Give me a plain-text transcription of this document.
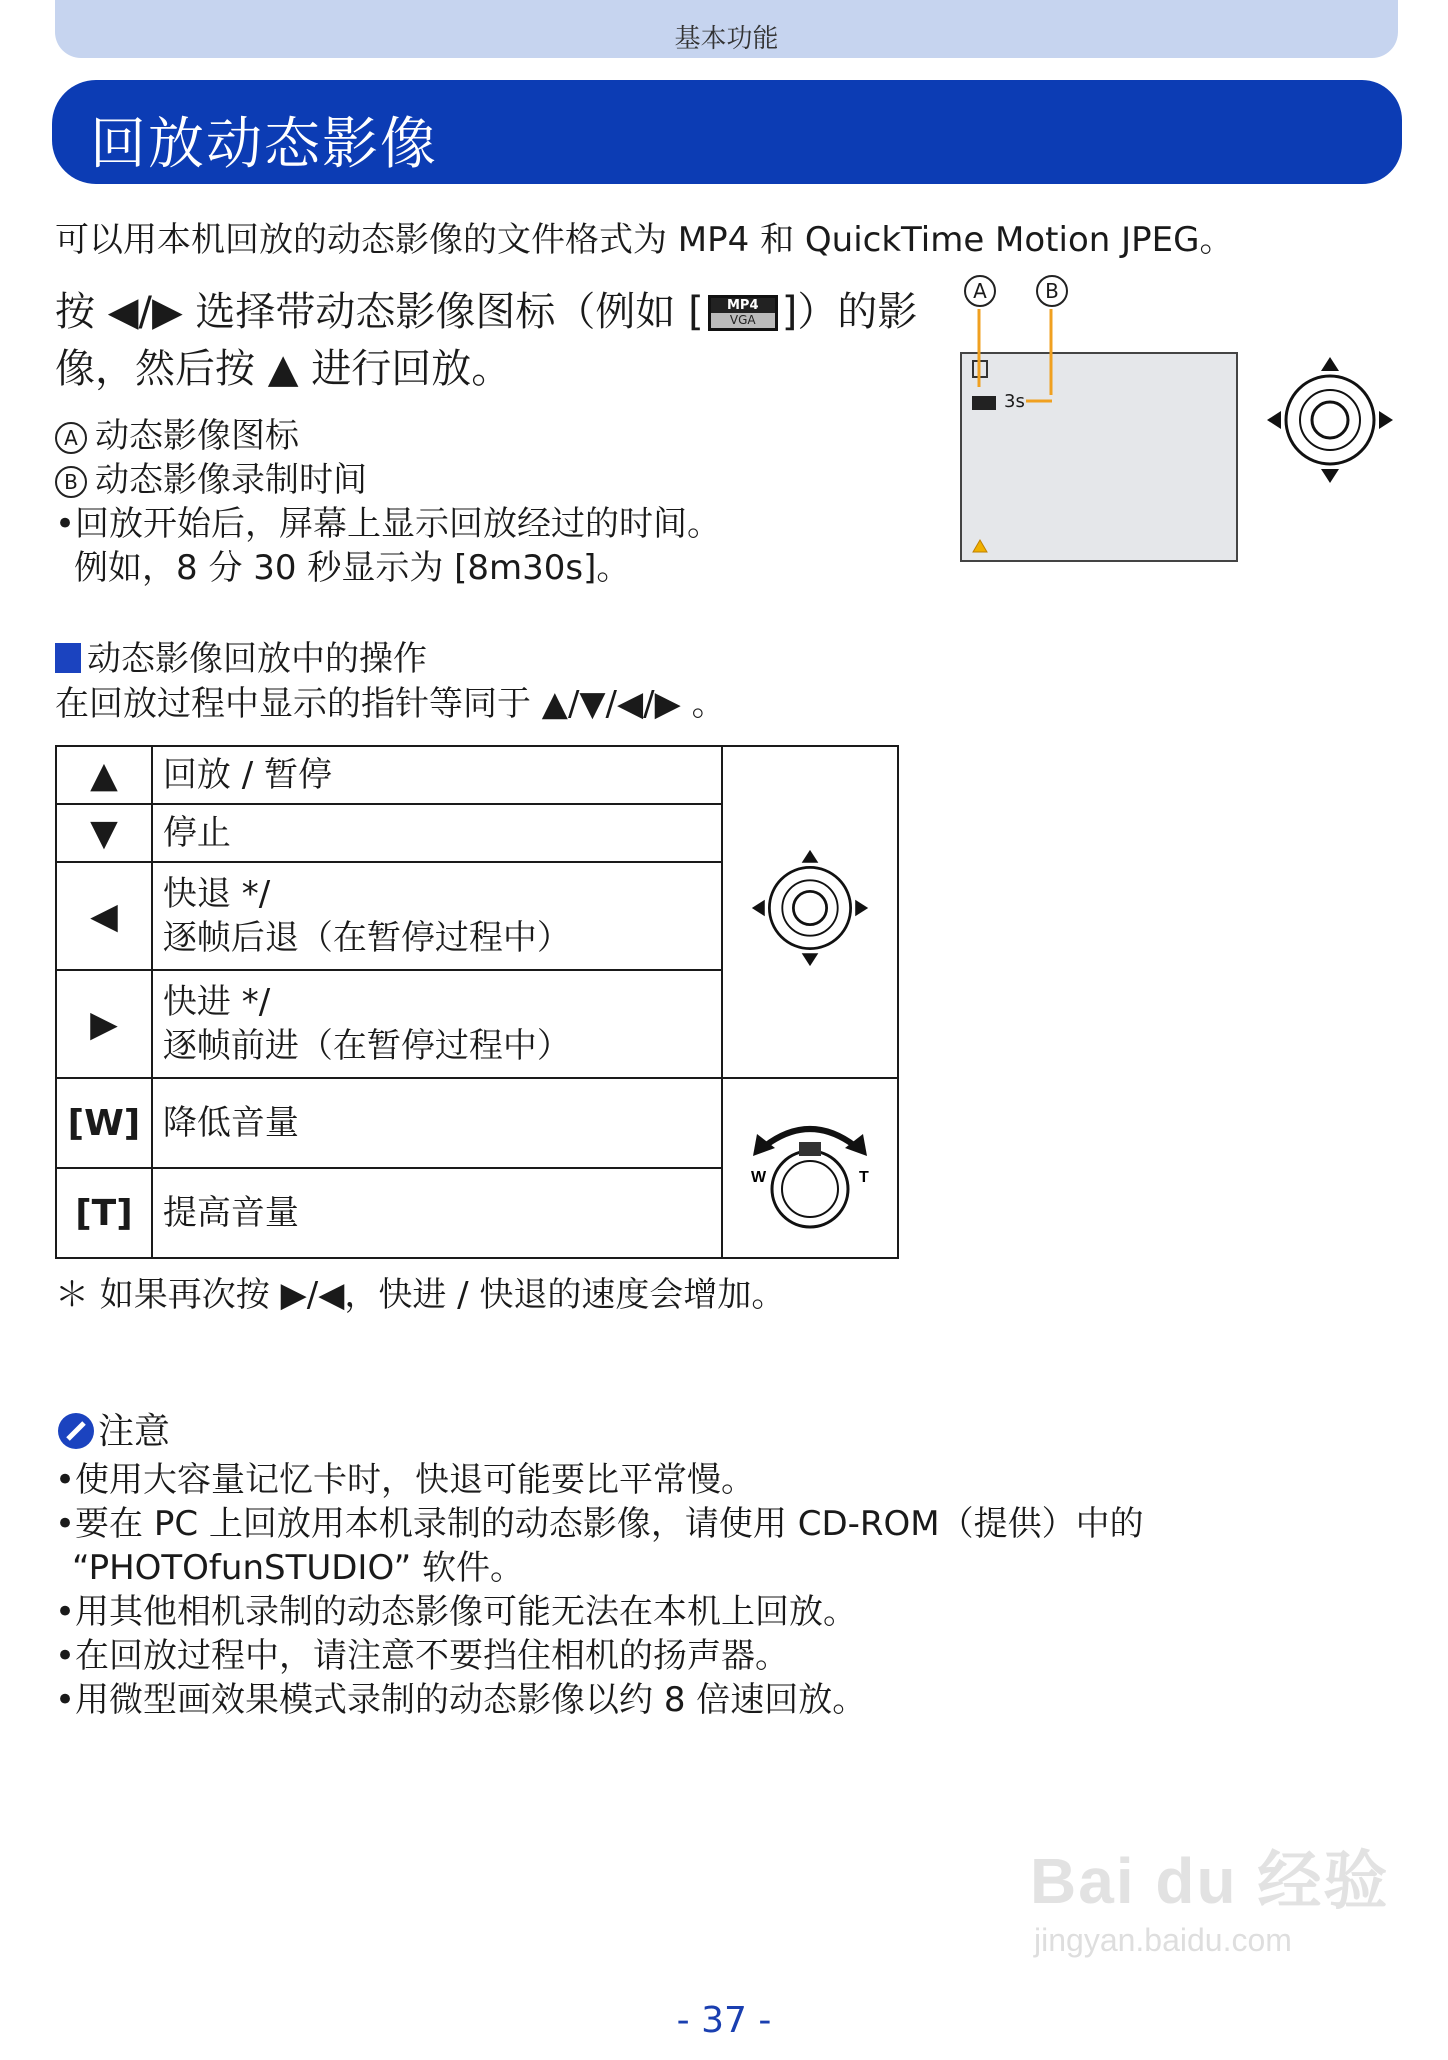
基本功能
回放动态影像
可以用本机回放的动态影像的文件格式为 MP4 和 QuickTime Motion JPEG。
按 ◀/▶ 选择带动态影像图标（例如 [	MP4
VGA ]）的影
像，然后按 ▲ 进行回放。
A 动态影像图标
B 动态影像录制时间
•回放开始后，屏幕上显示回放经过的时间。
例如，8 分 30 秒显示为 [8m30s]。
A	B
3s
动态影像回放中的操作
在回放过程中显示的指针等同于 ▲/▼/◀/▶ 。
▲	回放 / 暂停	
▼	停止	
◀	快退 */
逐帧后退（在暂停过程中）	

▶	快进 */
逐帧前进（在暂停过程中）	

[W]	降低音量	W T

[T]	提高音量	
＊ 如果再次按 ▶/◀，快进 / 快退的速度会增加。
注意
•使用大容量记忆卡时，快退可能要比平常慢。
•要在 PC 上回放用本机录制的动态影像，请使用 CD-ROM（提供）中的
“PHOTOfunSTUDIO” 软件。
•用其他相机录制的动态影像可能无法在本机上回放。
•在回放过程中，请注意不要挡住相机的扬声器。
•用微型画效果模式录制的动态影像以约 8 倍速回放。
Bai du 经验
jingyan.baidu.com
- 37 -
